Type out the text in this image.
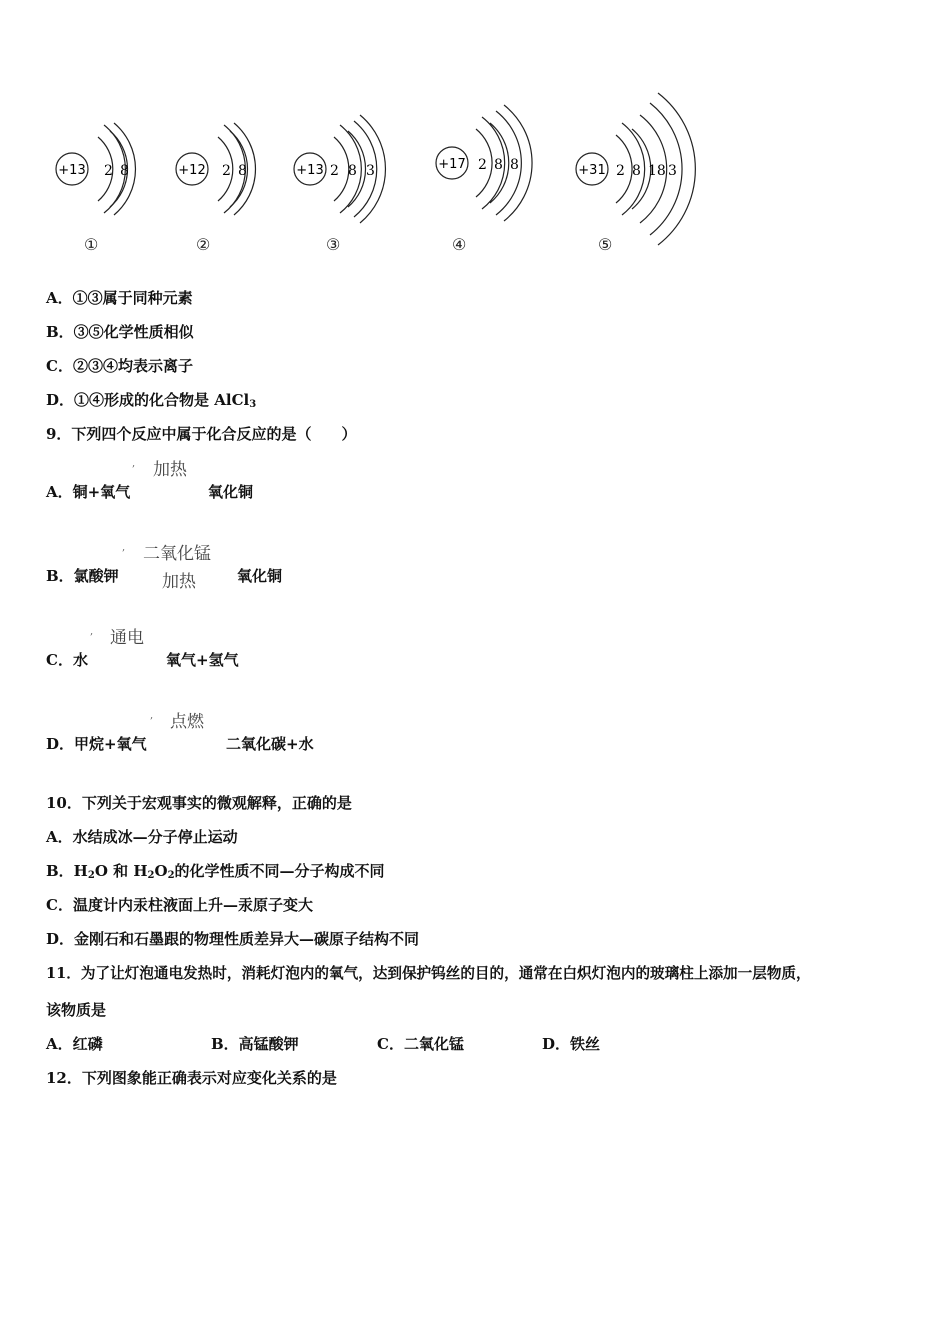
+13 2 8
①
+12 2 8
②
+13 2 8 3
③
+17 2 8 8
④
+31 2 8 18 3
⑤
A．①③属于同种元素
B．③⑤化学性质相似
C．②③④均表示离子
D．①④形成的化合物是 AlCl$_3$
9．下列四个反应中属于化合反应的是（　　）
, 加热
A．铜+氧气	氧化铜
, 二氧化锰
加热
B．氯酸钾	氧化铜
, 通电
C．水	氧气+氢气
, 点燃
D．甲烷+氧气	二氧化碳+水
10．下列关于宏观事实的微观解释，正确的是
A．水结成冰—分子停止运动
B．$H_2O$ 和 $H_2O_2$的化学性质不同—分子构成不同
C．温度计内汞柱液面上升—汞原子变大
D．金刚石和石墨跟的物理性质差异大—碳原子结构不同
11．为了让灯泡通电发热时，消耗灯泡内的氧气，达到保护钨丝的目的，通常在白炽灯泡内的玻璃柱上添加一层物质，
该物质是
A．红磷	B．高锰酸钾	C．二氧化锰	D．铁丝
12．下列图象能正确表示对应变化关系的是
